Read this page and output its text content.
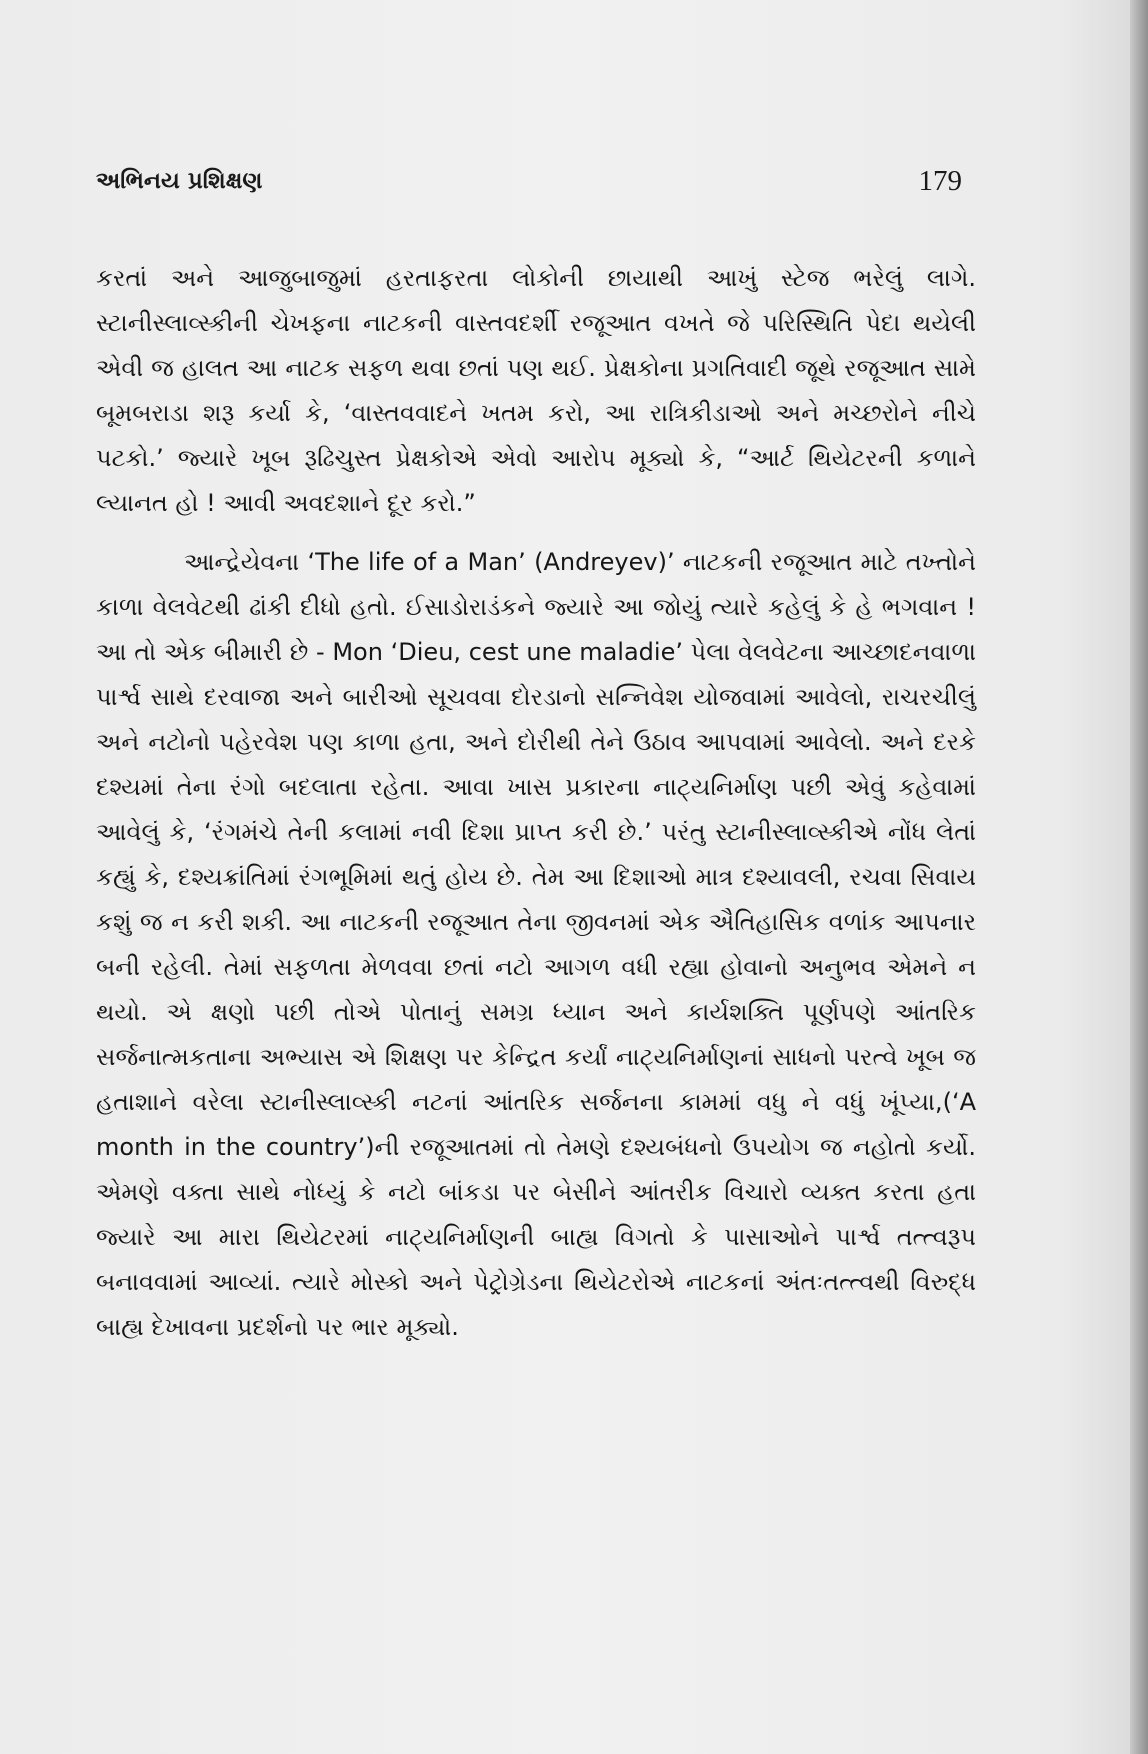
અભિનય પ્રશિક્ષણ	179

કરતાં અને આજુબાજુમાં હરતાફરતા લોકોની છાયાથી આખું સ્ટેજ ભરેલું લાગે. સ્ટાનીસ્લાવ્સ્કીની ચેખફના નાટકની વાસ્તવદર્શી રજૂઆત વખતે જે પરિસ્થિતિ પેદા થયેલી એવી જ હાલત આ નાટક સફળ થવા છતાં પણ થઈ. પ્રેક્ષકોના પ્રગતિવાદી જૂથે રજૂઆત સામે બૂમબરાડા શરૂ કર્યા કે, ‘વાસ્તવવાદને ખતમ કરો, આ રાત્રિકીડાઓ અને મચ્છરોને નીચે પટકો.’ જ્યારે ખૂબ રૂઢિચુસ્ત પ્રેક્ષકોએ એવો આરોપ મૂક્યો કે, “આર્ટ થિયેટરની કળાને લ્યાનત હો ! આવી અવદશાને દૂર કરો.”

આન્દ્રેયેવના ‘The life of a Man’ (Andreyev)’ નાટકની રજૂઆત માટે તખ્તોને કાળા વેલવેટથી ઢાંકી દીધો હતો. ઈસાડોરાડંકને જ્યારે આ જોયું ત્યારે કહેલું કે હે ભગવાન ! આ તો એક બીમારી છે - Mon ‘Dieu, cest une maladie’ પેલા વેલવેટના આચ્છાદનવાળા પાર્શ્વ સાથે દરવાજા અને બારીઓ સૂચવવા દોરડાનો સન્નિવેશ યોજવામાં આવેલો, રાચરચીલું અને નટોનો પહેરવેશ પણ કાળા હતા, અને દોરીથી તેને ઉઠાવ આપવામાં આવેલો. અને દરકે દશ્યમાં તેના રંગો બદલાતા રહેતા. આવા ખાસ પ્રકારના નાટ્યનિર્માણ પછી એવું કહેવામાં આવેલું કે, ‘રંગમંચે તેની કલામાં નવી દિશા પ્રાપ્ત કરી છે.’ પરંતુ સ્ટાનીસ્લાવ્સ્કીએ નોંધ લેતાં કહ્યું કે, દશ્યક્રાંતિમાં રંગભૂમિમાં થતું હોય છે. તેમ આ દિશાઓ માત્ર દશ્યાવલી, રચવા સિવાય કશું જ ન કરી શકી. આ નાટકની રજૂઆત તેના જીવનમાં એક ઐતિહાસિક વળાંક આપનાર બની રહેલી. તેમાં સફળતા મેળવવા છતાં નટો આગળ વધી રહ્યા હોવાનો અનુભવ એમને ન થયો. એ ક્ષણો પછી તોએ પોતાનું સમગ્ર ધ્યાન અને કાર્યશક્તિ પૂર્ણપણે આંતરિક સર્જનાત્મકતાના અભ્યાસ એ શિક્ષણ પર કેન્દ્રિત કર્યાં નાટ્યનિર્માણનાં સાધનો પરત્વે ખૂબ જ હતાશાને વરેલા સ્ટાનીસ્લાવ્સ્કી નટનાં આંતરિક સર્જનના કામમાં વધુ ને વધું ખૂંપ્યા,(‘A month in the country’)ની રજૂઆતમાં તો તેમણે દશ્યબંધનો ઉપયોગ જ નહોતો કર્યો. એમણે વક્તા સાથે નોધ્યું કે નટો બાંકડા પર બેસીને આંતરીક વિચારો વ્યક્ત કરતા હતા જ્યારે આ મારા થિયેટરમાં નાટ્યનિર્માણની બાહ્ય વિગતો કે પાસાઓને પાર્શ્વ તત્ત્વરૂપ બનાવવામાં આવ્યાં. ત્યારે મોસ્કો અને પેટ્રોગ્રેડના થિયેટરોએ નાટકનાં અંતઃતત્ત્વથી વિરુદ્ધ બાહ્ય દેખાવના પ્રદર્શનો પર ભાર મૂક્યો.
